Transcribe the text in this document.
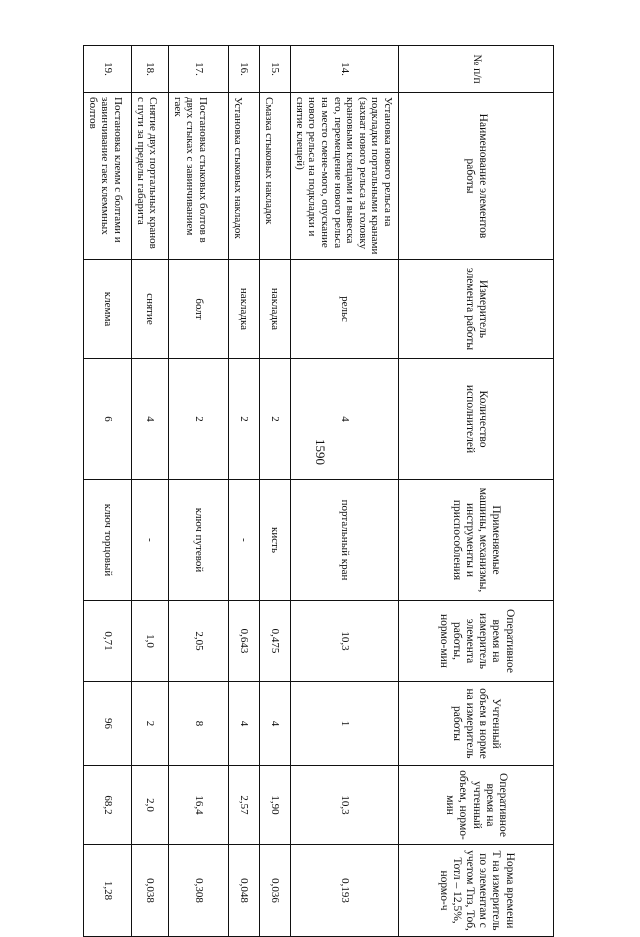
1590
№ п/п	Наименование элементов работы	Измеритель элемента работы	Количество исполнителей	Применяемые машины, механизмы, инструменты и приспособления	Оперативное время на измеритель элемента работы, нормо-мин	Учтенный объем в норме на измеритель работы	Оперативное время на учтенный объем, нормо-мин	Норма времени Т на измеритель по элементам с учетом Тпз, Тоб, Тотл – 12,5%, нормо-ч
14.	Установка нового рельса на подкладки портальными кранами (захват нового рельса за головку крановыми клещами и вывеска его, перемещение нового рельса на место смене-мого, опускание нового рельса на подкладки и снятие клещей)	рельс	4	портальный кран	10,3	1	10,3	0,193
15.	Смазка стыковых накладок	накладка	2	кисть	0,475	4	1,90	0,036
16.	Установка стыковых накладок	накладка	2	-	0,643	4	2,57	0,048
17.	Постановка стыковых болтов в двух стыках с завинчиванием гаек	болт	2	ключ путевой	2,05	8	16,4	0,308
18.	Снятие двух портальных кранов с пути за пределы габарита	снятие	4	-	1,0	2	2,0	0,038
19.	Постановка клемм с болтами и завинчивание гаек клеммных болтов	клемма	6	ключ торцовый	0,71	96	68,2	1,28
